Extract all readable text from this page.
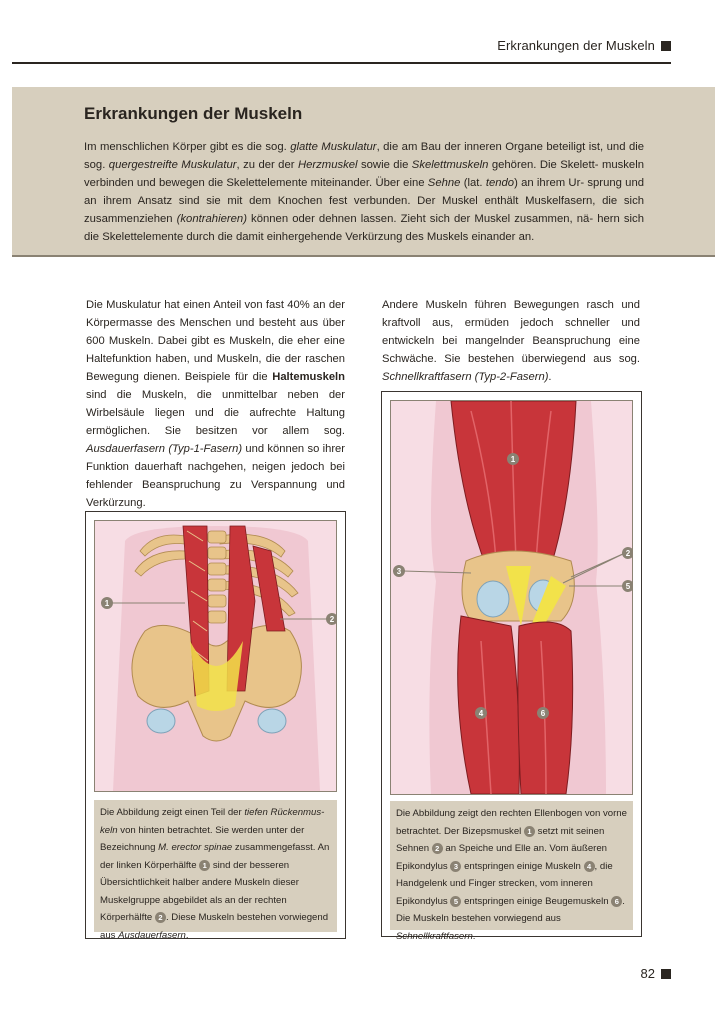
Erkrankungen der Muskeln
Erkrankungen der Muskeln
Im menschlichen Körper gibt es die sog. glatte Muskulatur, die am Bau der inneren Organe beteiligt ist, und die sog. quergestreifte Muskulatur, zu der der Herzmuskel sowie die Skelettmuskeln gehören. Die Skelett- muskeln verbinden und bewegen die Skelettelemente miteinander. Über eine Sehne (lat. tendo) an ihrem Ur- sprung und an ihrem Ansatz sind sie mit dem Knochen fest verbunden. Der Muskel enthält Muskelfasern, die sich zusammenziehen (kontrahieren) können oder dehnen lassen. Zieht sich der Muskel zusammen, nä- hern sich die Skelettelemente durch die damit einhergehende Verkürzung des Muskels einander an.
Die Muskulatur hat einen Anteil von fast 40% an der Körpermasse des Menschen und besteht aus über 600 Muskeln. Dabei gibt es Muskeln, die eher eine Haltefunktion haben, und Muskeln, die der raschen Bewegung dienen. Beispiele für die Haltemuskeln sind die Muskeln, die unmittelbar neben der Wirbelsäule liegen und die aufrechte Haltung ermöglichen. Sie besitzen vor allem sog. Ausdauerfasern (Typ-1-Fasern) und können so ihrer Funktion dauerhaft nachgehen, neigen jedoch bei fehlender Beanspruchung zu Verspannung und Verkürzung.
Andere Muskeln führen Bewegungen rasch und kraftvoll aus, ermüden jedoch schneller und entwickeln bei mangelnder Beanspruchung eine Schwäche. Sie bestehen überwiegend aus sog. Schnellkraftfasern (Typ-2-Fasern).
1
2
Die Abbildung zeigt einen Teil der tiefen Rückenmus-keln von hinten betrachtet. Sie werden unter der Bezeichnung M. erector spinae zusammengefasst. An der linken Körperhälfte 1 sind der besseren Übersichtlichkeit halber andere Muskeln dieser Muskelgruppe abgebildet als an der rechten Körperhälfte 2 . Diese Muskeln bestehen vorwiegend aus Ausdauerfasern.
1
2
3
4
5
6
Die Abbildung zeigt den rechten Ellenbogen von vorne betrachtet. Der Bizepsmuskel 1 setzt mit seinen Sehnen 2 an Speiche und Elle an. Vom äußeren Epikondylus 3 entspringen einige Muskeln 4 , die Handgelenk und Finger strecken, vom inneren Epikondylus 5 entspringen einige Beugemuskeln 6 . Die Muskeln bestehen vorwiegend aus Schnellkraftfasern.
82
